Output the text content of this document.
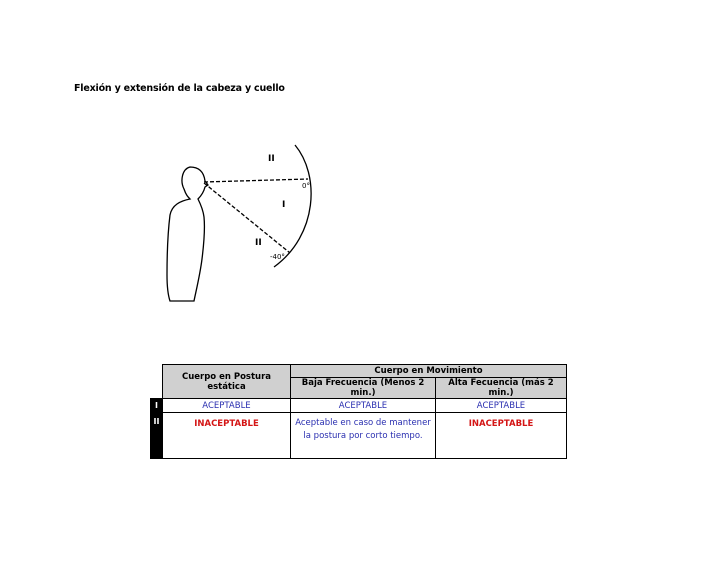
Flexión y extensión de la cabeza y cuello
II
I
II
0°
-40°
	Cuerpo en Postura estática	Cuerpo en Movimiento	
		Baja Frecuencia (Menos 2 min.)	Alta Fecuencia (más 2 min.)
I	ACEPTABLE	ACEPTABLE	ACEPTABLE
II	INACEPTABLE	Aceptable en caso de mantener la postura por corto tiempo.	INACEPTABLE
